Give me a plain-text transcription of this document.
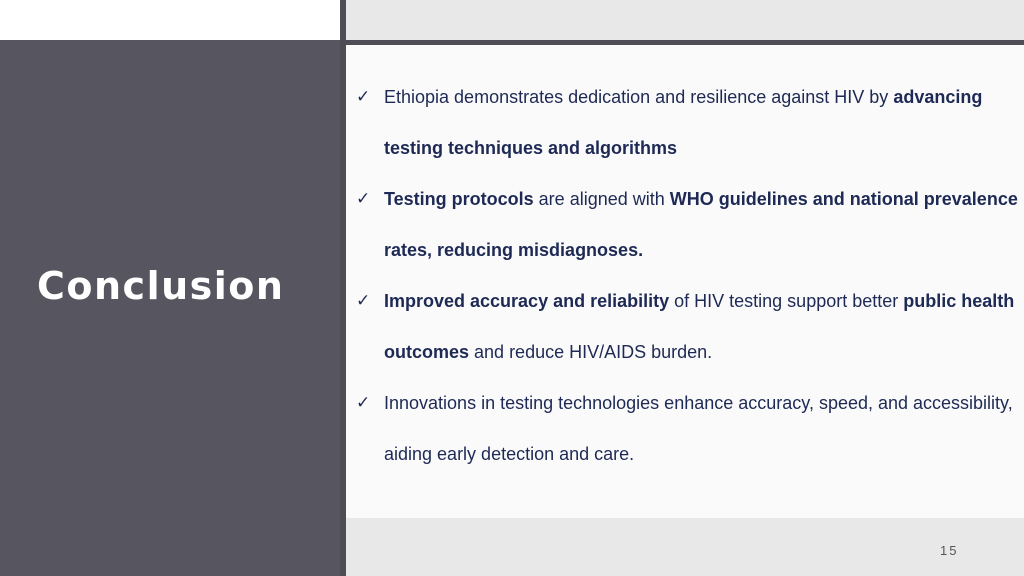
Conclusion
✓ Ethiopia demonstrates dedication and resilience against HIV by advancing testing techniques and algorithms
✓ Testing protocols are aligned with WHO guidelines and national prevalence rates, reducing misdiagnoses.
✓ Improved accuracy and reliability of HIV testing support better public health outcomes and reduce HIV/AIDS burden.
✓ Innovations in testing technologies enhance accuracy, speed, and accessibility, aiding early detection and care.
15
